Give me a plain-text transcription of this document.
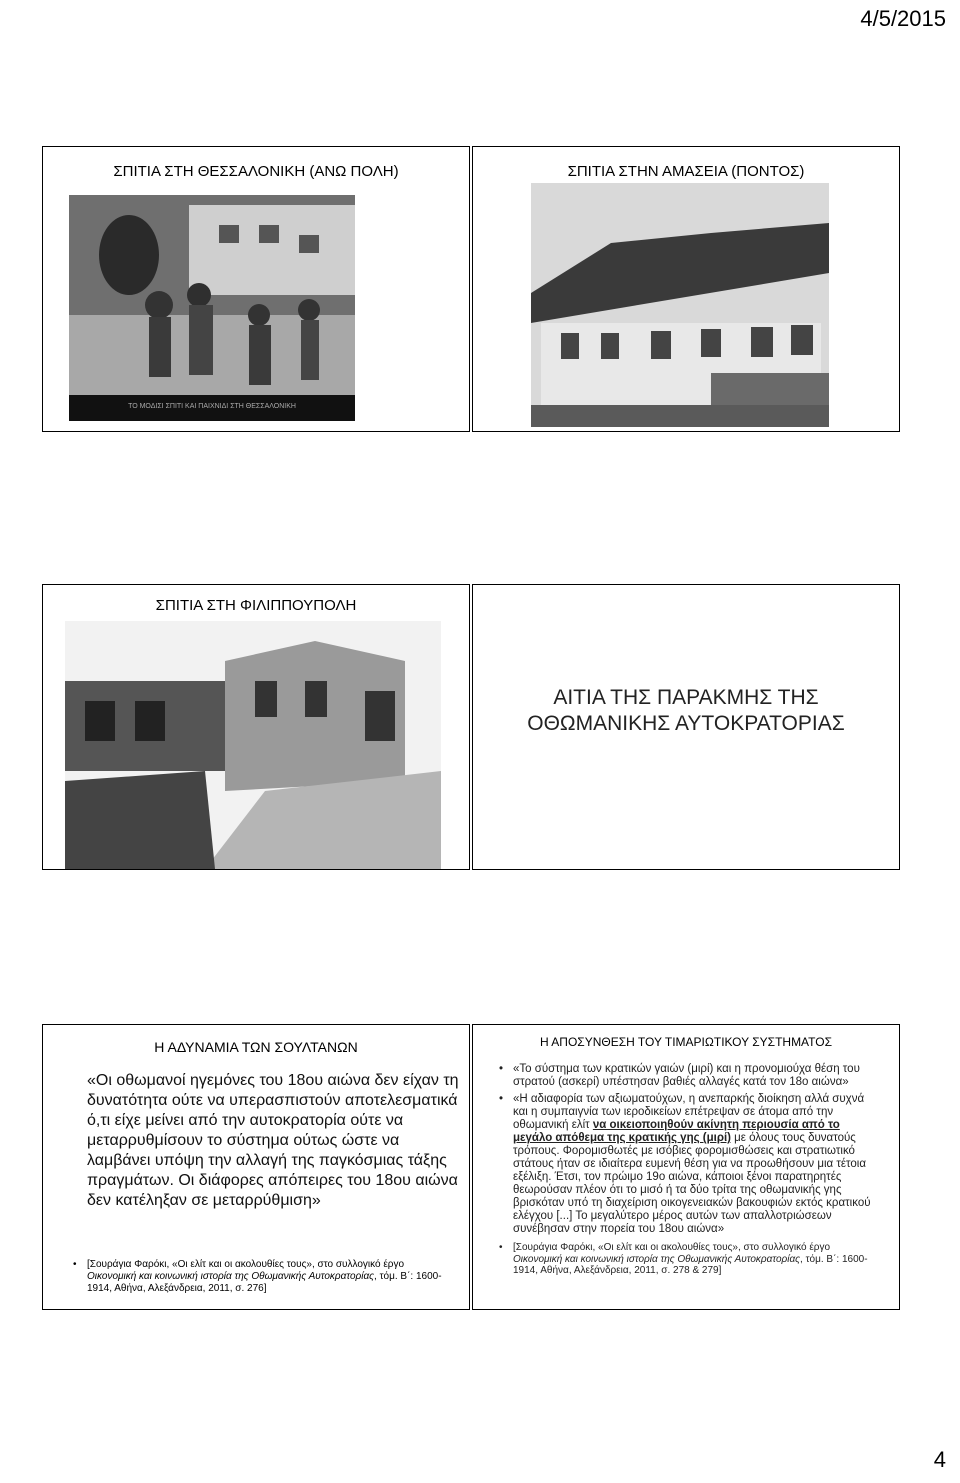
4/5/2015
ΣΠΙΤΙΑ ΣΤΗ ΘΕΣΣΑΛΟΝΙΚΗ (ΑΝΩ ΠΟΛΗ)
ΤΟ ΜΟΔΙΣΙ ΣΠΙΤΙ ΚΑΙ ΠΑΙΧΝΙΔΙ ΣΤΗ ΘΕΣΣΑΛΟΝΙΚΗ
ΣΠΙΤΙΑ ΣΤΗΝ ΑΜΑΣΕΙΑ (ΠΟΝΤΟΣ)
ΣΠΙΤΙΑ ΣΤΗ ΦΙΛΙΠΠΟΥΠΟΛΗ
ΑΙΤΙΑ ΤΗΣ ΠΑΡΑΚΜΗΣ ΤΗΣ
ΟΘΩΜΑΝΙΚΗΣ ΑΥΤΟΚΡΑΤΟΡΙΑΣ
Η ΑΔΥΝΑΜΙΑ ΤΩΝ ΣΟΥΛΤΑΝΩΝ
«Οι οθωμανοί ηγεμόνες του 18ου αιώνα δεν είχαν τη δυνατότητα ούτε να υπερασπιστούν αποτελεσματικά ό,τι είχε μείνει από την αυτοκρατορία ούτε να μεταρρυθμίσουν το σύστημα ούτως ώστε να λαμβάνει υπόψη την αλλαγή της παγκόσμιας τάξης πραγμάτων. Οι διάφορες απόπειρες του 18ου αιώνα δεν κατέληξαν σε μεταρρύθμιση»
• [Σουράγια Φαρόκι, «Οι ελίτ και οι ακολουθίες τους», στο συλλογικό έργο Οικονομική και κοινωνική ιστορία της Οθωμανικής Αυτοκρατορίας, τόμ. Β΄: 1600-1914, Αθήνα, Αλεξάνδρεια, 2011, σ. 276]
Η ΑΠΟΣΥΝΘΕΣΗ ΤΟΥ ΤΙΜΑΡΙΩΤΙΚΟΥ ΣΥΣΤΗΜΑΤΟΣ
• «Το σύστημα των κρατικών γαιών (μιρί) και η προνομιούχα θέση του στρατού (ασκερί) υπέστησαν βαθιές αλλαγές κατά τον 18ο αιώνα»
• «Η αδιαφορία των αξιωματούχων, η ανεπαρκής διοίκηση αλλά συχνά και η συμπαιγνία των ιεροδικείων επέτρεψαν σε άτομα από την οθωμανική ελίτ να οικειοποιηθούν ακίνητη περιουσία από το μεγάλο απόθεμα της κρατικής γης (μιρί) με όλους τους δυνατούς τρόπους. Φορομισθωτές με ισόβιες φορομισθώσεις και στρατιωτικό στάτους ήταν σε ιδιαίτερα ευμενή θέση για να προωθήσουν μια τέτοια εξέλιξη. Έτσι, τον πρώιμο 19ο αιώνα, κάποιοι ξένοι παρατηρητές θεωρούσαν πλέον ότι το μισό ή τα δύο τρίτα της οθωμανικής γης βρισκόταν υπό τη διαχείριση οικογενειακών βακουφιών εκτός κρατικού ελέγχου [...] Το μεγαλύτερο μέρος αυτών των απαλλοτριώσεων συνέβησαν στην πορεία του 18ου αιώνα»
• [Σουράγια Φαρόκι, «Οι ελίτ και οι ακολουθίες τους», στο συλλογικό έργο Οικονομική και κοινωνική ιστορία της Οθωμανικής Αυτοκρατορίας, τόμ. Β΄: 1600-1914, Αθήνα, Αλεξάνδρεια, 2011, σ. 278 & 279]
4
